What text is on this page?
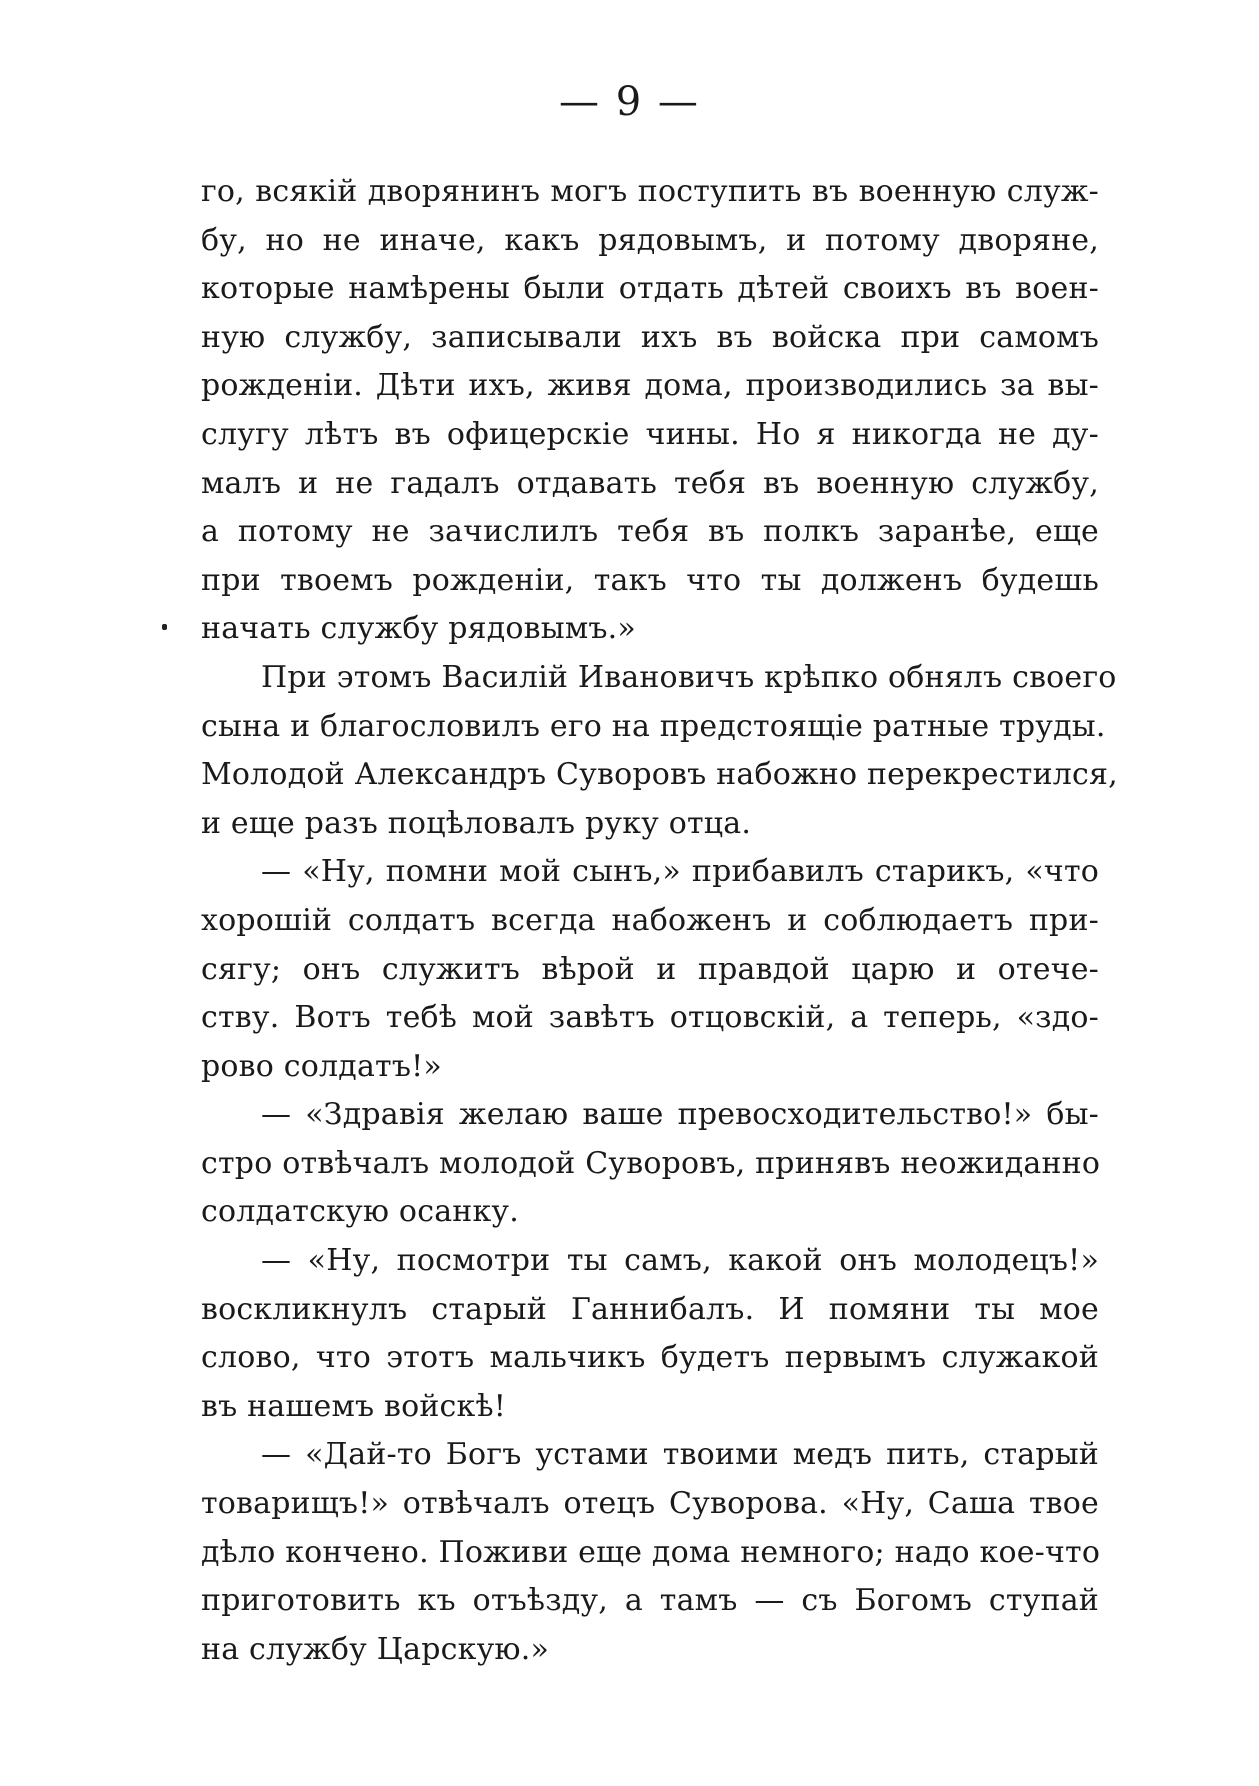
— 9 —
го, всякій дворянинъ могъ поступить въ военную служ-
бу, но не иначе, какъ рядовымъ, и потому дворяне,
которые намѣрены были отдать дѣтей своихъ въ воен-
ную службу, записывали ихъ въ войска при самомъ
рожденіи. Дѣти ихъ, живя дома, производились за вы-
слугу лѣтъ въ офицерскіе чины. Но я никогда не ду-
малъ и не гадалъ отдавать тебя въ военную службу,
а потому не зачислилъ тебя въ полкъ заранѣе, еще
при твоемъ рожденіи, такъ что ты долженъ будешь
начать службу рядовымъ.»
При этомъ Василій Ивановичъ крѣпко обнялъ своего
сына и благословилъ его на предстоящіе ратные труды.
Молодой Александръ Суворовъ набожно перекрестился,
и еще разъ поцѣловалъ руку отца.
— «Ну, помни мой сынъ,» прибавилъ старикъ, «что
хорошій солдатъ всегда набоженъ и соблюдаетъ при-
сягу; онъ служитъ вѣрой и правдой царю и отече-
ству. Вотъ тебѣ мой завѣтъ отцовскій, а теперь, «здо-
рово солдатъ!»
— «Здравія желаю ваше превосходительство!» бы-
стро отвѣчалъ молодой Суворовъ, принявъ неожиданно
солдатскую осанку.
— «Ну, посмотри ты самъ, какой онъ молодецъ!»
воскликнулъ старый Ганнибалъ. И помяни ты мое
слово, что этотъ мальчикъ будетъ первымъ служакой
въ нашемъ войскѣ!
— «Дай-то Богъ устами твоими медъ пить, старый
товарищъ!» отвѣчалъ отецъ Суворова. «Ну, Саша твое
дѣло кончено. Поживи еще дома немного; надо кое-что
приготовить къ отъѣзду, а тамъ — съ Богомъ ступай
на службу Царскую.»
